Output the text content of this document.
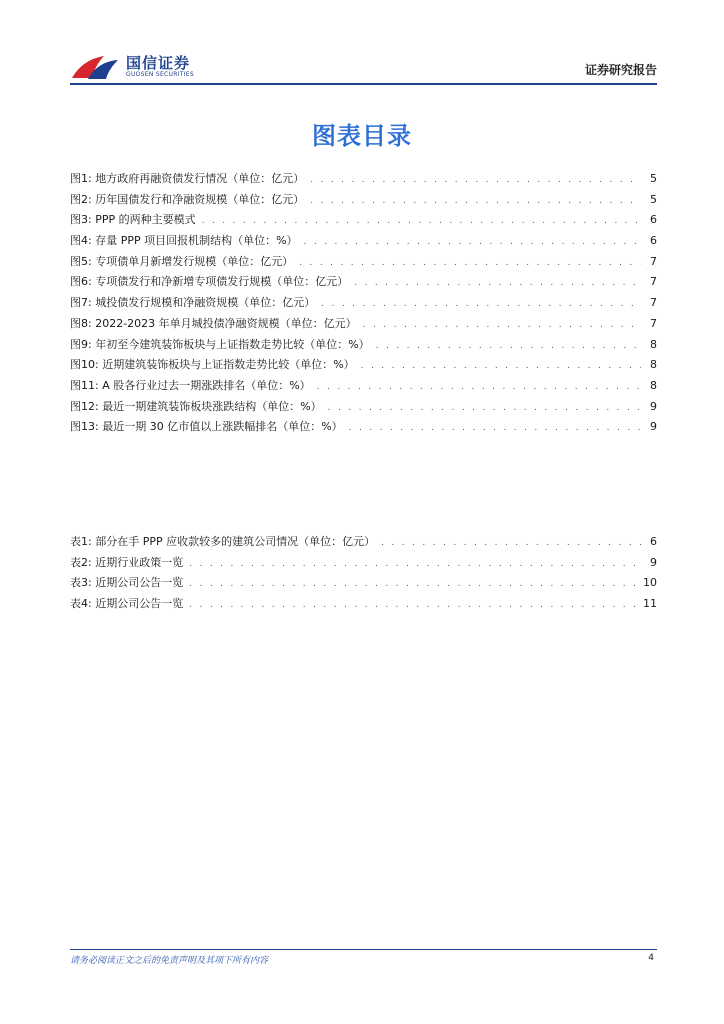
国信证券
GUOSEN SECURITIES	证券研究报告
图表目录
图1: 地方政府再融资债发行情况（单位：亿元） . . .	5
图2: 历年国债发行和净融资规模（单位：亿元） . . .	5
图3: PPP 的两种主要模式 . . .	6
图4: 存量 PPP 项目回报机制结构（单位：%） . . .	6
图5: 专项债单月新增发行规模（单位：亿元） . . .	7
图6: 专项债发行和净新增专项债发行规模（单位：亿元） . . .	7
图7: 城投债发行规模和净融资规模（单位：亿元） . . .	7
图8: 2022-2023 年单月城投债净融资规模（单位：亿元） . . .	7
图9: 年初至今建筑装饰板块与上证指数走势比较（单位：%） . . .	8
图10: 近期建筑装饰板块与上证指数走势比较（单位：%） . . .	8
图11: A 股各行业过去一期涨跌排名（单位：%） . . .	8
图12: 最近一期建筑装饰板块涨跌结构（单位：%） . . .	9
图13: 最近一期 30 亿市值以上涨跌幅排名（单位：%） . . .	9
表1: 部分在手 PPP 应收款较多的建筑公司情况（单位：亿元） . . .	6
表2: 近期行业政策一览 . . .	9
表3: 近期公司公告一览 . . .	10
表4: 近期公司公告一览 . . .	11
请务必阅读正文之后的免责声明及其项下所有内容	4
